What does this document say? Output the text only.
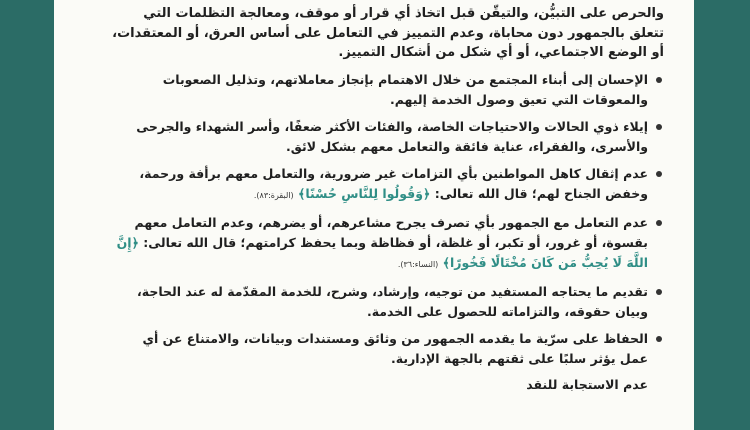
والحرص على التبيُّن، والتيقّن قبل اتخاذ أي قرار أو موقف، ومعالجة التظلمات التي
تتعلق بالجمهور دون محاباة، وعدم التمييز في التعامل على أساس العرق، أو المعتقدات،
أو الوضع الاجتماعي، أو أي شكل من أشكال التمييز.

الإحسان إلى أبناء المجتمع من خلال الاهتمام بإنجاز معاملاتهم، وتذليل الصعوبات
والمعوقات التي تعيق وصول الخدمة إليهم.
إيلاء ذوي الحالات والاحتياجات الخاصة، والفئات الأكثر ضعفًا، وأسر الشهداء والجرحى
والأسرى، والفقراء، عناية فائقة والتعامل معهم بشكل لائق.
عدم إثقال كاهل المواطنين بأي التزامات غير ضرورية، والتعامل معهم برأفة ورحمة،
وخفض الجناح لهم؛ قال الله تعالى: ﴿وَقُولُوا لِلنَّاسِ حُسْنًا﴾ (البقرة:٨٣).
عدم التعامل مع الجمهور بأي تصرف يجرح مشاعرهم، أو يضرهم، وعدم التعامل معهم
بقسوة، أو غرور، أو تكبر، أو غلظة، أو فظاظة وبما يحفظ كرامتهم؛ قال الله تعالى: ﴿إِنَّ
اللَّهَ لَا يُحِبُّ مَن كَانَ مُخْتَالًا فَخُورًا﴾ (النساء:٣٦).
تقديم ما يحتاجه المستفيد من توجيه، وإرشاد، وشرح، للخدمة المقدّمة له عند الحاجة،
وبيان حقوقه، والتزاماته للحصول على الخدمة.
الحفاظ على سرّية ما يقدمه الجمهور من وثائق ومستندات وبيانات، والامتناع عن أي
عمل يؤثر سلبًا على ثقتهم بالجهة الإدارية.
عدم الاستجابة للنقد
